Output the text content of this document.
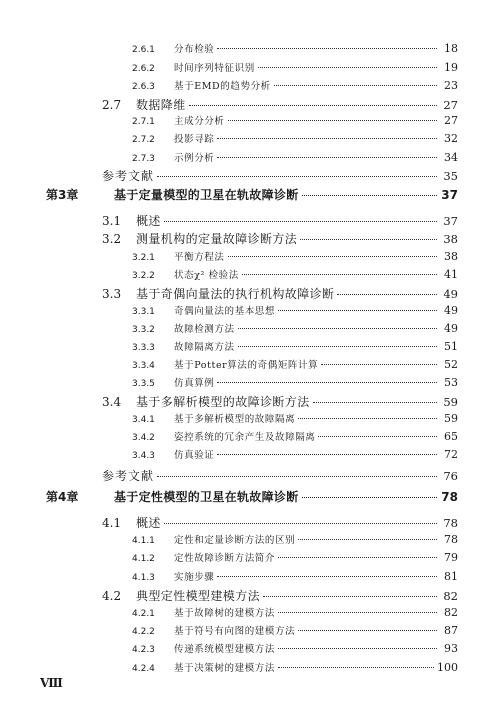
2.6.1	分布检验	18
2.6.2	时间序列特征识别	19
2.6.3	基于EMD的趋势分析	23
2.7	数据降维	27
2.7.1	主成分分析	27
2.7.2	投影寻踪	32
2.7.3	示例分析	34
参考文献	35
第3章	基于定量模型的卫星在轨故障诊断	37
3.1	概述	37
3.2	测量机构的定量故障诊断方法	38
3.2.1	平衡方程法	38
3.2.2	状态χ² 检验法	41
3.3	基于奇偶向量法的执行机构故障诊断	49
3.3.1	奇偶向量法的基本思想	49
3.3.2	故障检测方法	49
3.3.3	故障隔离方法	51
3.3.4	基于Potter算法的奇偶矩阵计算	52
3.3.5	仿真算例	53
3.4	基于多解析模型的故障诊断方法	59
3.4.1	基于多解析模型的故障隔离	59
3.4.2	姿控系统的冗余产生及故障隔离	65
3.4.3	仿真验证	72
参考文献	76
第4章	基于定性模型的卫星在轨故障诊断	78
4.1	概述	78
4.1.1	定性和定量诊断方法的区别	78
4.1.2	定性故障诊断方法简介	79
4.1.3	实施步骤	81
4.2	典型定性模型建模方法	82
4.2.1	基于故障树的建模方法	82
4.2.2	基于符号有向图的建模方法	87
4.2.3	传递系统模型建模方法	93
4.2.4	基于决策树的建模方法	100
Ⅷ
